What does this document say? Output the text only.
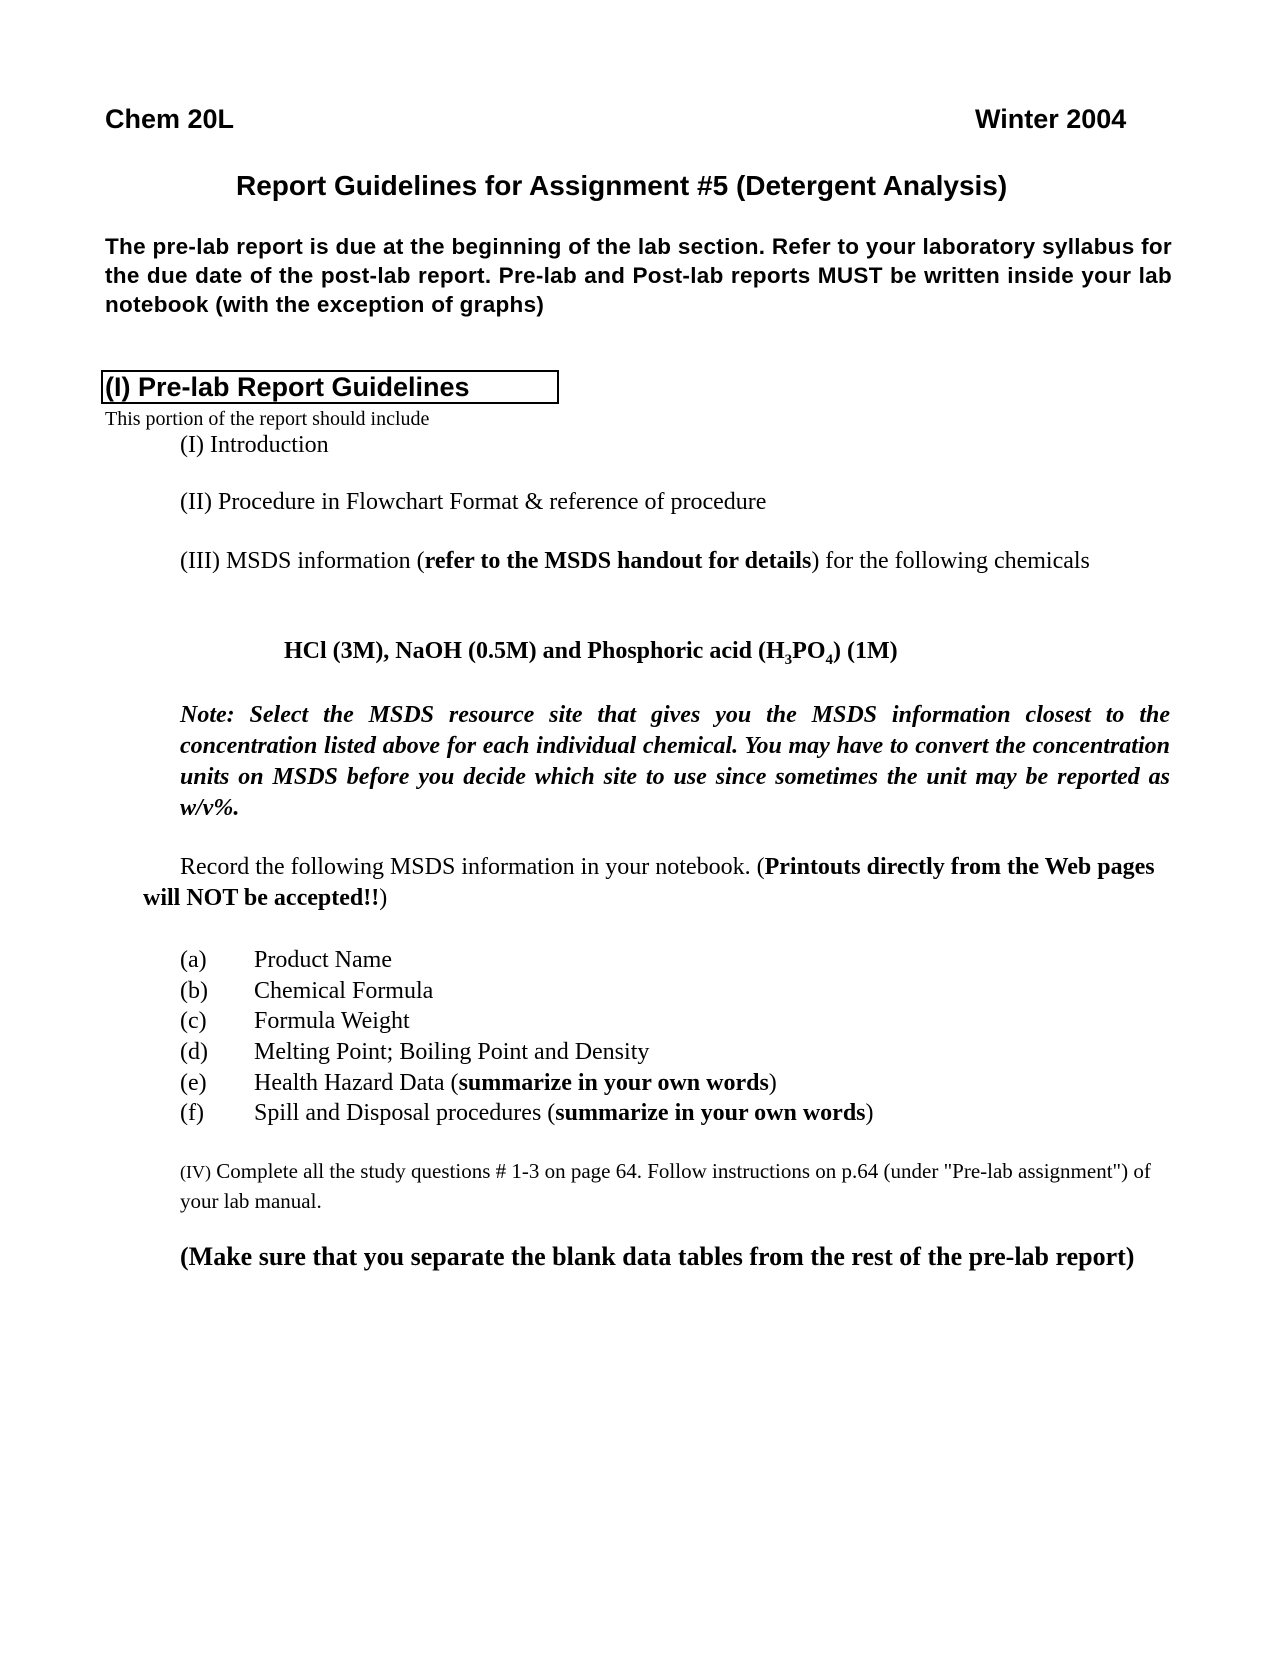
Chem 20L	Winter 2004
Report Guidelines for Assignment #5 (Detergent Analysis)

The pre-lab report is due at the beginning of the lab section. Refer to your laboratory syllabus for the due date of the post-lab report. Pre-lab and Post-lab reports MUST be written inside your lab notebook (with the exception of graphs)

(I) Pre-lab Report Guidelines
This portion of the report should include
(I) Introduction
(II) Procedure in Flowchart Format & reference of procedure

(III) MSDS information (refer to the MSDS handout for details) for the following chemicals

HCl (3M), NaOH (0.5M) and Phosphoric acid $(H_3PO_4)$ (1M)

Note: Select the MSDS resource site that gives you the MSDS information closest to the concentration listed above for each individual chemical. You may have to convert the concentration units on MSDS before you decide which site to use since sometimes the unit may be reported as w/v%.

Record the following MSDS information in your notebook. (Printouts directly from the Web pages will NOT be accepted!!)

(a) Product Name
(b) Chemical Formula
(c) Formula Weight
(d) Melting Point; Boiling Point and Density
(e) Health Hazard Data (summarize in your own words)
(f) Spill and Disposal procedures (summarize in your own words)

(IV) Complete all the study questions # 1-3 on page 64. Follow instructions on p.64 (under "Pre-lab assignment") of your lab manual.

(Make sure that you separate the blank data tables from the rest of the pre-lab report)
